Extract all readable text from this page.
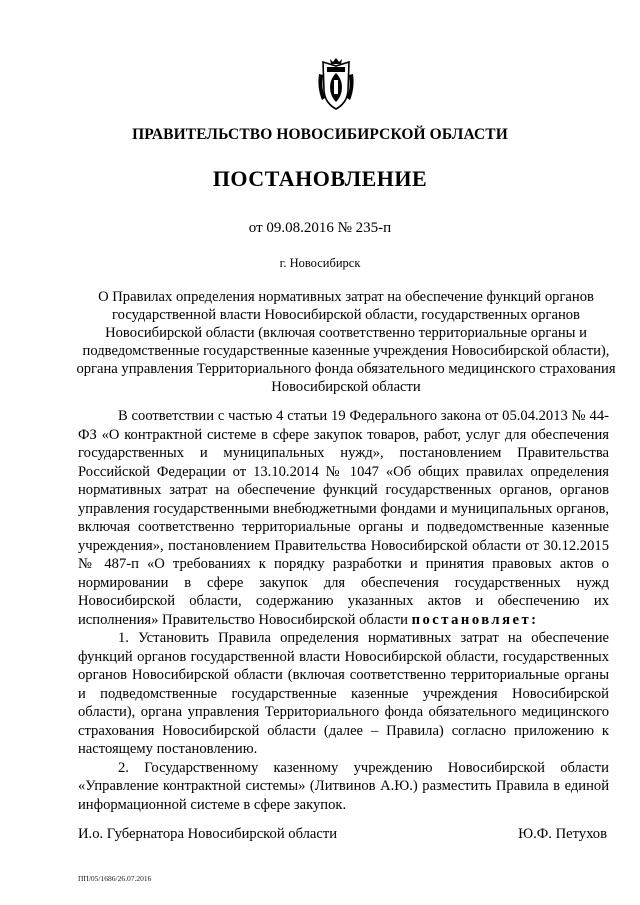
ПРАВИТЕЛЬСТВО НОВОСИБИРСКОЙ ОБЛАСТИ
ПОСТАНОВЛЕНИЕ
от 09.08.2016 № 235-п
г. Новосибирск
О Правилах определения нормативных затрат на обеспечение функций органов государственной власти Новосибирской области, государственных органов Новосибирской области (включая соответственно территориальные органы и подведомственные государственные казенные учреждения Новосибирской области), органа управления Территориального фонда обязательного медицинского страхования Новосибирской области

В соответствии с частью 4 статьи 19 Федерального закона от 05.04.2013 № 44-ФЗ «О контрактной системе в сфере закупок товаров, работ, услуг для обеспечения государственных и муниципальных нужд», постановлением Правительства Российской Федерации от 13.10.2014 № 1047 «Об общих правилах определения нормативных затрат на обеспечение функций государственных органов, органов управления государственными внебюджетными фондами и муниципальных органов, включая соответственно территориальные органы и подведомственные казенные учреждения», постановлением Правительства Новосибирской области от 30.12.2015 № 487-п «О требованиях к порядку разработки и принятия правовых актов о нормировании в сфере закупок для обеспечения государственных нужд Новосибирской области, содержанию указанных актов и обеспечению их исполнения» Правительство Новосибирской области постановляет:

1. Установить Правила определения нормативных затрат на обеспечение функций органов государственной власти Новосибирской области, государственных органов Новосибирской области (включая соответственно территориальные органы и подведомственные государственные казенные учреждения Новосибирской области), органа управления Территориального фонда обязательного медицинского страхования Новосибирской области (далее – Правила) согласно приложению к настоящему постановлению.

2. Государственному казенному учреждению Новосибирской области «Управление контрактной системы» (Литвинов А.Ю.) разместить Правила в единой информационной системе в сфере закупок.

И.о. Губернатора Новосибирской области	Ю.Ф. Петухов
ПП/05/1686/26.07.2016
